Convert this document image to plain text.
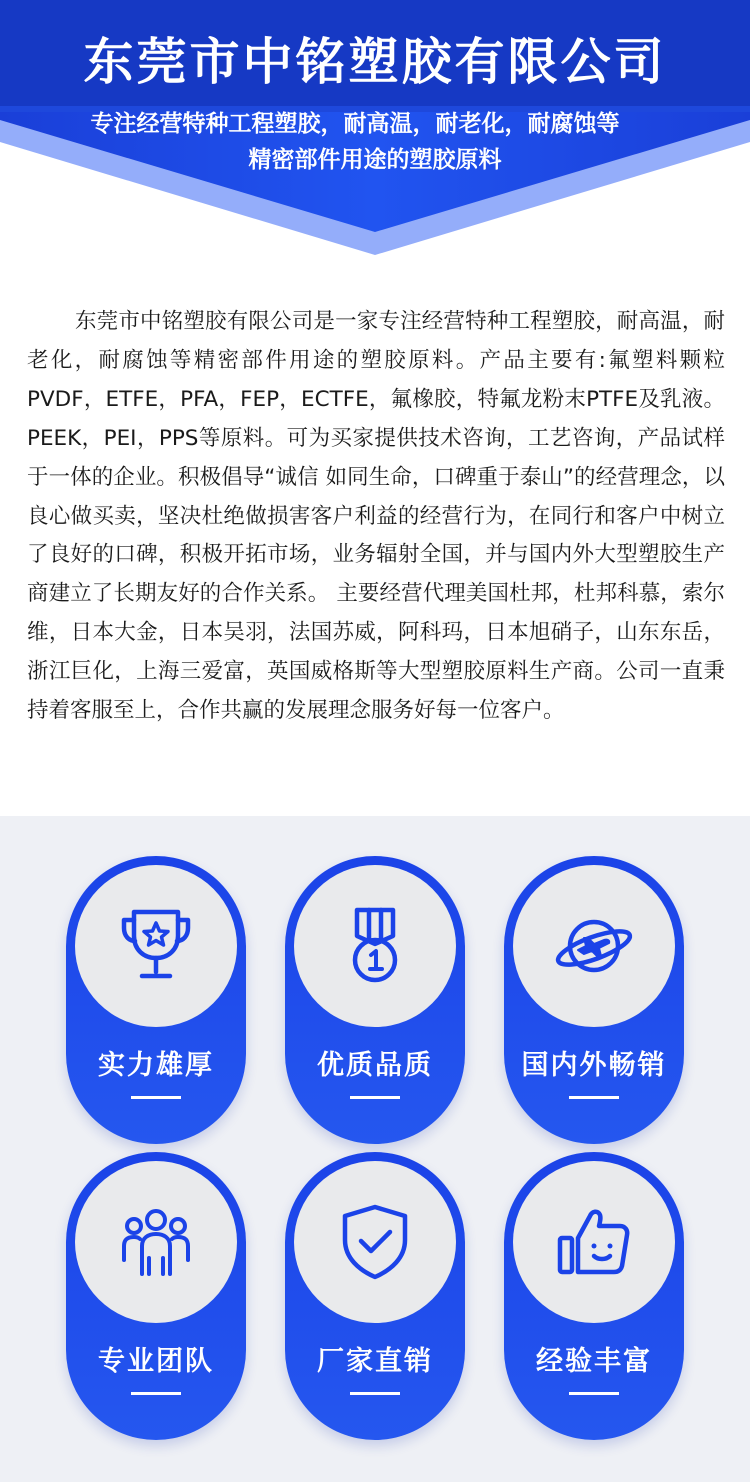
东莞市中铭塑胶有限公司
专注经营特种工程塑胶，耐高温，耐老化，耐腐蚀等
精密部件用途的塑胶原料

东莞市中铭塑胶有限公司是一家专注经营特种工程塑胶，耐高温，耐老化，耐腐蚀等精密部件用途的塑胶原料。产品主要有:氟塑料颗粒PVDF，ETFE，PFA，FEP，ECTFE，氟橡胶，特氟龙粉末PTFE及乳液。PEEK，PEI，PPS等原料。可为买家提供技术咨询，工艺咨询，产品试样于一体的企业。积极倡导“诚信 如同生命，口碑重于泰山”的经营理念，以良心做买卖，坚决杜绝做损害客户利益的经营行为，在同行和客户中树立了良好的口碑，积极开拓市场，业务辐射全国，并与国内外大型塑胶生产商建立了长期友好的合作关系。 主要经营代理美国杜邦，杜邦科慕，索尔维，日本大金，日本吴羽，法国苏威，阿科玛，日本旭硝子，山东东岳，浙江巨化，上海三爱富，英国威格斯等大型塑胶原料生产商。公司一直秉持着客服至上，合作共赢的发展理念服务好每一位客户。

实力雄厚	优质品质	国内外畅销
专业团队	厂家直销	经验丰富
